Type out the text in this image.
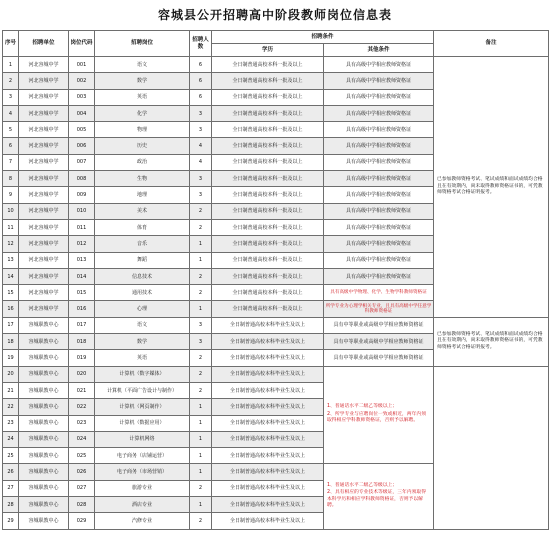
容城县公开招聘高中阶段教师岗位信息表
序号	招聘单位	岗位代码	招聘岗位	招聘人数	招聘条件		备注
					学历	其他条件	
1	河北容城中学	001	语文	6	全日制普通高校本科一批及以上	具有高级中学相应教师资格证	已参加教师资格考试、笔试成绩和面试成绩均合格且在有效期内，尚未取得教师资格证书的，可凭教师资格考试合格证明报考。
2	河北容城中学	002	数学	6	全日制普通高校本科一批及以上	具有高级中学相应教师资格证	
3	河北容城中学	003	英语	6	全日制普通高校本科一批及以上	具有高级中学相应教师资格证	
4	河北容城中学	004	化学	3	全日制普通高校本科一批及以上	具有高级中学相应教师资格证	
5	河北容城中学	005	物理	3	全日制普通高校本科一批及以上	具有高级中学相应教师资格证	
6	河北容城中学	006	历史	4	全日制普通高校本科一批及以上	具有高级中学相应教师资格证	
7	河北容城中学	007	政治	4	全日制普通高校本科一批及以上	具有高级中学相应教师资格证	
8	河北容城中学	008	生物	3	全日制普通高校本科一批及以上	具有高级中学相应教师资格证	
9	河北容城中学	009	地理	3	全日制普通高校本科一批及以上	具有高级中学相应教师资格证	
10	河北容城中学	010	美术	2	全日制普通高校本科一批及以上	具有高级中学相应教师资格证	
11	河北容城中学	011	体育	2	全日制普通高校本科一批及以上	具有高级中学相应教师资格证	
12	河北容城中学	012	音乐	1	全日制普通高校本科一批及以上	具有高级中学相应教师资格证	
13	河北容城中学	013	舞蹈	1	全日制普通高校本科一批及以上	具有高级中学相应教师资格证	
14	河北容城中学	014	信息技术	2	全日制普通高校本科一批及以上	具有高级中学相应教师资格证	
15	河北容城中学	015	通用技术	2	全日制普通高校本科一批及以上	具有高级中学物理、化学、生物学科教师资格证	
16	河北容城中学	016	心理	1	全日制普通高校本科一批及以上	所学专业为心理学相关专业，且具有高级中学任意学科教师资格证	
17	容城职教中心	017	语文	3	全日制普通高校本科毕业生及以上	具有中等职业或高级中学相应教师资格证	已参加教师资格考试、笔试成绩和面试成绩均合格且在有效期内，尚未取得教师资格证书的，可凭教师资格考试合格证明报考。
18	容城职教中心	018	数学	3	全日制普通高校本科毕业生及以上	具有中等职业或高级中学相应教师资格证	
19	容城职教中心	019	英语	2	全日制普通高校本科毕业生及以上	具有中等职业或高级中学相应教师资格证	
20	容城职教中心	020	计算机（数字媒体）	2	全日制普通高校本科毕业生及以上	1、普通话水平二级乙等级以上；
2、所学专业与应聘岗位一致或相近，两年内须取得相应学科教师资格证，否则予以解聘。	

21	容城职教中心	021	计算机（平面广告设计与制作）	2	全日制普通高校本科毕业生及以上		
22	容城职教中心	022	计算机（网页制作）	1	全日制普通高校本科毕业生及以上		
23	容城职教中心	023	计算机（数据应用）	1	全日制普通高校本科毕业生及以上		
24	容城职教中心	024	计算机网络	1	全日制普通高校本科毕业生及以上		
25	容城职教中心	025	电子商务（店铺运营）	1	全日制普通高校本科毕业生及以上		
26	容城职教中心	026	电子商务（市场营销）	1	全日制普通高校本科毕业生及以上	1、普通话水平二级乙等级以上；
2、具有相应的专业技术等级证，三年内须取得本科学历和相应学科教师资格证，否则予以解聘。	

27	容城职教中心	027	旅游专业	2	全日制普通高校本科毕业生及以上		
28	容城职教中心	028	酒店专业	1	全日制普通高校本科毕业生及以上		
29	容城职教中心	029	汽修专业	2	全日制普通高校本科毕业生及以上		
